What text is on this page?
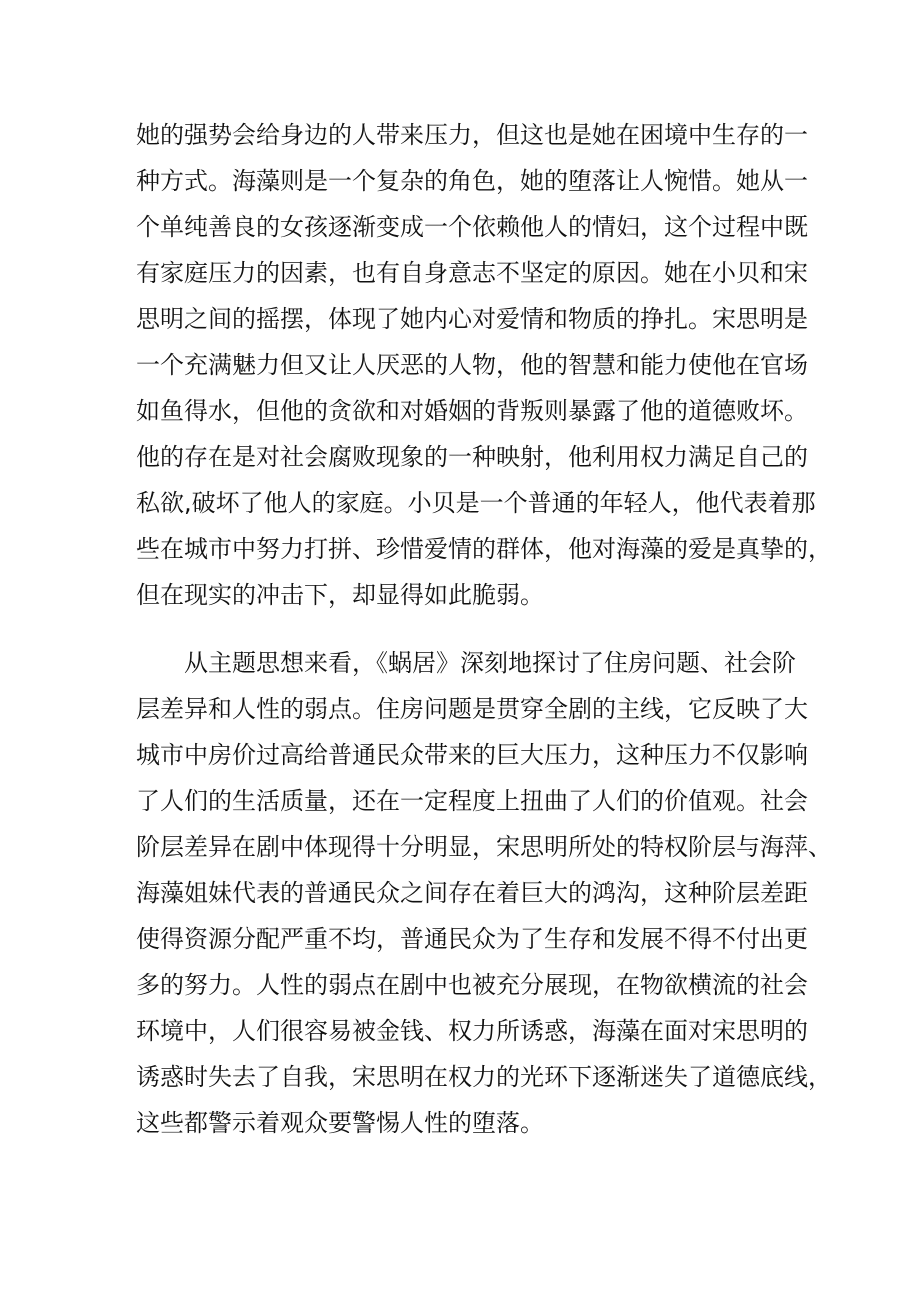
她的强势会给身边的人带来压力，但这也是她在困境中生存的一
种方式。海藻则是一个复杂的角色，她的堕落让人惋惜。她从一
个单纯善良的女孩逐渐变成一个依赖他人的情妇，这个过程中既
有家庭压力的因素，也有自身意志不坚定的原因。她在小贝和宋
思明之间的摇摆，体现了她内心对爱情和物质的挣扎。宋思明是
一个充满魅力但又让人厌恶的人物，他的智慧和能力使他在官场
如鱼得水，但他的贪欲和对婚姻的背叛则暴露了他的道德败坏。
他的存在是对社会腐败现象的一种映射，他利用权力满足自己的
私欲,破坏了他人的家庭。小贝是一个普通的年轻人，他代表着那
些在城市中努力打拼、珍惜爱情的群体，他对海藻的爱是真挚的，
但在现实的冲击下，却显得如此脆弱。
从主题思想来看，《蜗居》深刻地探讨了住房问题、社会阶
层差异和人性的弱点。住房问题是贯穿全剧的主线，它反映了大
城市中房价过高给普通民众带来的巨大压力，这种压力不仅影响
了人们的生活质量，还在一定程度上扭曲了人们的价值观。社会
阶层差异在剧中体现得十分明显，宋思明所处的特权阶层与海萍、
海藻姐妹代表的普通民众之间存在着巨大的鸿沟，这种阶层差距
使得资源分配严重不均，普通民众为了生存和发展不得不付出更
多的努力。人性的弱点在剧中也被充分展现，在物欲横流的社会
环境中，人们很容易被金钱、权力所诱惑，海藻在面对宋思明的
诱惑时失去了自我，宋思明在权力的光环下逐渐迷失了道德底线，
这些都警示着观众要警惕人性的堕落。
